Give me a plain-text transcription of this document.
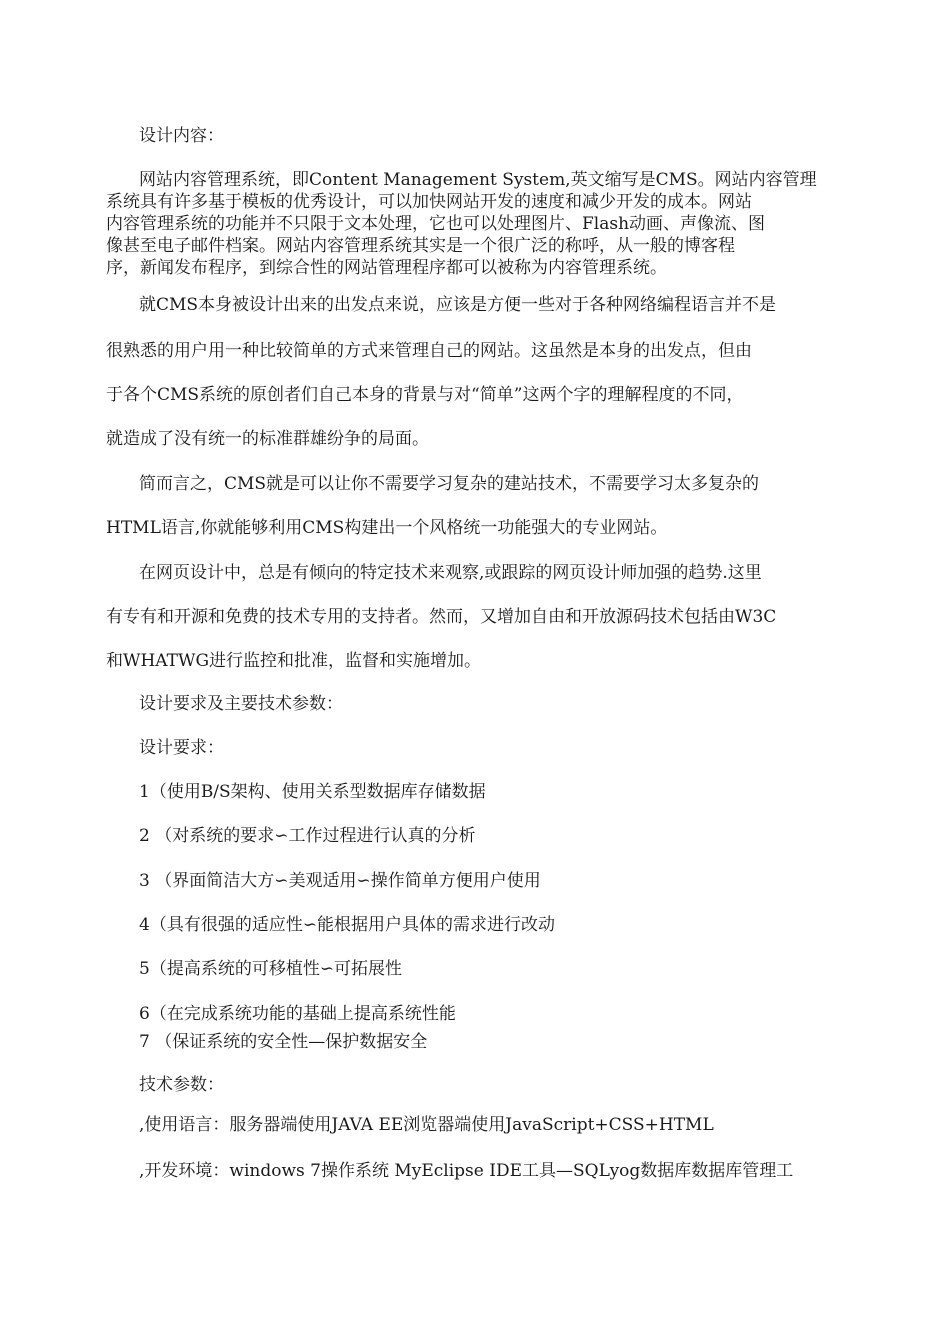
设计内容：
网站内容管理系统，即Content Management System,英文缩写是CMS。网站内容管理
系统具有许多基于模板的优秀设计，可以加快网站开发的速度和减少开发的成本。网站
内容管理系统的功能并不只限于文本处理，它也可以处理图片、Flash动画、声像流、图
像甚至电子邮件档案。网站内容管理系统其实是一个很广泛的称呼，从一般的博客程
序，新闻发布程序，到综合性的网站管理程序都可以被称为内容管理系统。
就CMS本身被设计出来的出发点来说，应该是方便一些对于各种网络编程语言并不是
很熟悉的用户用一种比较简单的方式来管理自己的网站。这虽然是本身的出发点，但由
于各个CMS系统的原创者们自己本身的背景与对“简单”这两个字的理解程度的不同，
就造成了没有统一的标准群雄纷争的局面。
简而言之，CMS就是可以让你不需要学习复杂的建站技术，不需要学习太多复杂的
HTML语言,你就能够利用CMS构建出一个风格统一功能强大的专业网站。
在网页设计中，总是有倾向的特定技术来观察,或跟踪的网页设计师加强的趋势.这里
有专有和开源和免费的技术专用的支持者。然而，又增加自由和开放源码技术包括由W3C
和WHATWG进行监控和批准，监督和实施增加。
设计要求及主要技术参数：
设计要求：
1（使用B/S架构、使用关系型数据库存储数据
2 （对系统的要求∽工作过程进行认真的分析
3 （界面简洁大方∽美观适用∽操作简单方便用户使用
4（具有很强的适应性∽能根据用户具体的需求进行改动
5（提高系统的可移植性∽可拓展性
6（在完成系统功能的基础上提高系统性能
7 （保证系统的安全性—保护数据安全
技术参数：
,使用语言：服务器端使用JAVA EE浏览器端使用JavaScript+CSS+HTML
,开发环境：windows 7操作系统 MyEclipse IDE工具—SQLyog数据库数据库管理工
